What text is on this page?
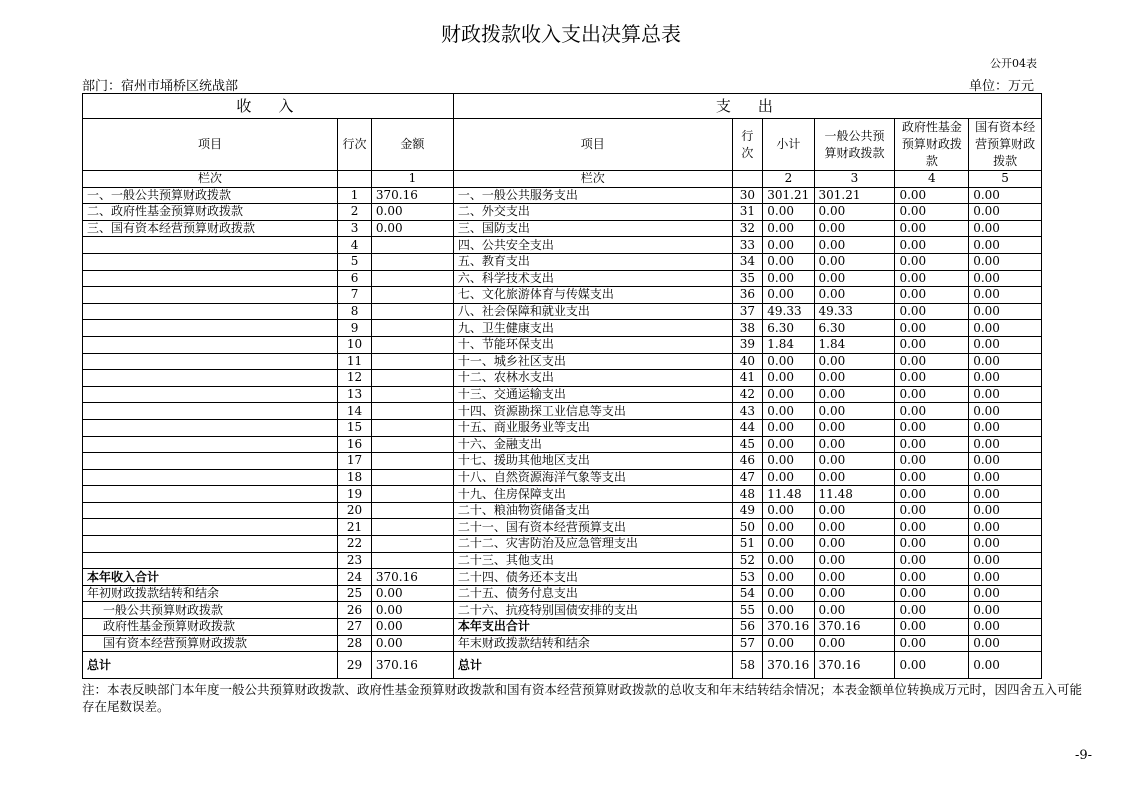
财政拨款收入支出决算总表
公开04表
部门：宿州市埇桥区统战部	单位：万元
收　入			支　出					
项目	行次	金额	项目	行次	小计	一般公共预算财政拨款	政府性基金预算财政拨款	国有资本经营预算财政拨款
栏次		1	栏次		2	3	4	5
一、一般公共预算财政拨款	1	370.16	一、一般公共服务支出	30	301.21	301.21	0.00	0.00
二、政府性基金预算财政拨款	2	0.00	二、外交支出	31	0.00	0.00	0.00	0.00
三、国有资本经营预算财政拨款	3	0.00	三、国防支出	32	0.00	0.00	0.00	0.00
	4		四、公共安全支出	33	0.00	0.00	0.00	0.00
	5		五、教育支出	34	0.00	0.00	0.00	0.00
	6		六、科学技术支出	35	0.00	0.00	0.00	0.00
	7		七、文化旅游体育与传媒支出	36	0.00	0.00	0.00	0.00
	8		八、社会保障和就业支出	37	49.33	49.33	0.00	0.00
	9		九、卫生健康支出	38	6.30	6.30	0.00	0.00
	10		十、节能环保支出	39	1.84	1.84	0.00	0.00
	11		十一、城乡社区支出	40	0.00	0.00	0.00	0.00
	12		十二、农林水支出	41	0.00	0.00	0.00	0.00
	13		十三、交通运输支出	42	0.00	0.00	0.00	0.00
	14		十四、资源勘探工业信息等支出	43	0.00	0.00	0.00	0.00
	15		十五、商业服务业等支出	44	0.00	0.00	0.00	0.00
	16		十六、金融支出	45	0.00	0.00	0.00	0.00
	17		十七、援助其他地区支出	46	0.00	0.00	0.00	0.00
	18		十八、自然资源海洋气象等支出	47	0.00	0.00	0.00	0.00
	19		十九、住房保障支出	48	11.48	11.48	0.00	0.00
	20		二十、粮油物资储备支出	49	0.00	0.00	0.00	0.00
	21		二十一、国有资本经营预算支出	50	0.00	0.00	0.00	0.00
	22		二十二、灾害防治及应急管理支出	51	0.00	0.00	0.00	0.00
	23		二十三、其他支出	52	0.00	0.00	0.00	0.00
本年收入合计	24	370.16	二十四、债务还本支出	53	0.00	0.00	0.00	0.00
年初财政拨款结转和结余	25	0.00	二十五、债务付息支出	54	0.00	0.00	0.00	0.00
一般公共预算财政拨款	26	0.00	二十六、抗疫特别国债安排的支出	55	0.00	0.00	0.00	0.00
政府性基金预算财政拨款	27	0.00	本年支出合计	56	370.16	370.16	0.00	0.00
国有资本经营预算财政拨款	28	0.00	年末财政拨款结转和结余	57	0.00	0.00	0.00	0.00
总计	29	370.16	总计	58	370.16	370.16	0.00	0.00
注：本表反映部门本年度一般公共预算财政拨款、政府性基金预算财政拨款和国有资本经营预算财政拨款的总收支和年末结转结余情况；本表金额单位转换成万元时，因四舍五入可能存在尾数误差。
-9-
